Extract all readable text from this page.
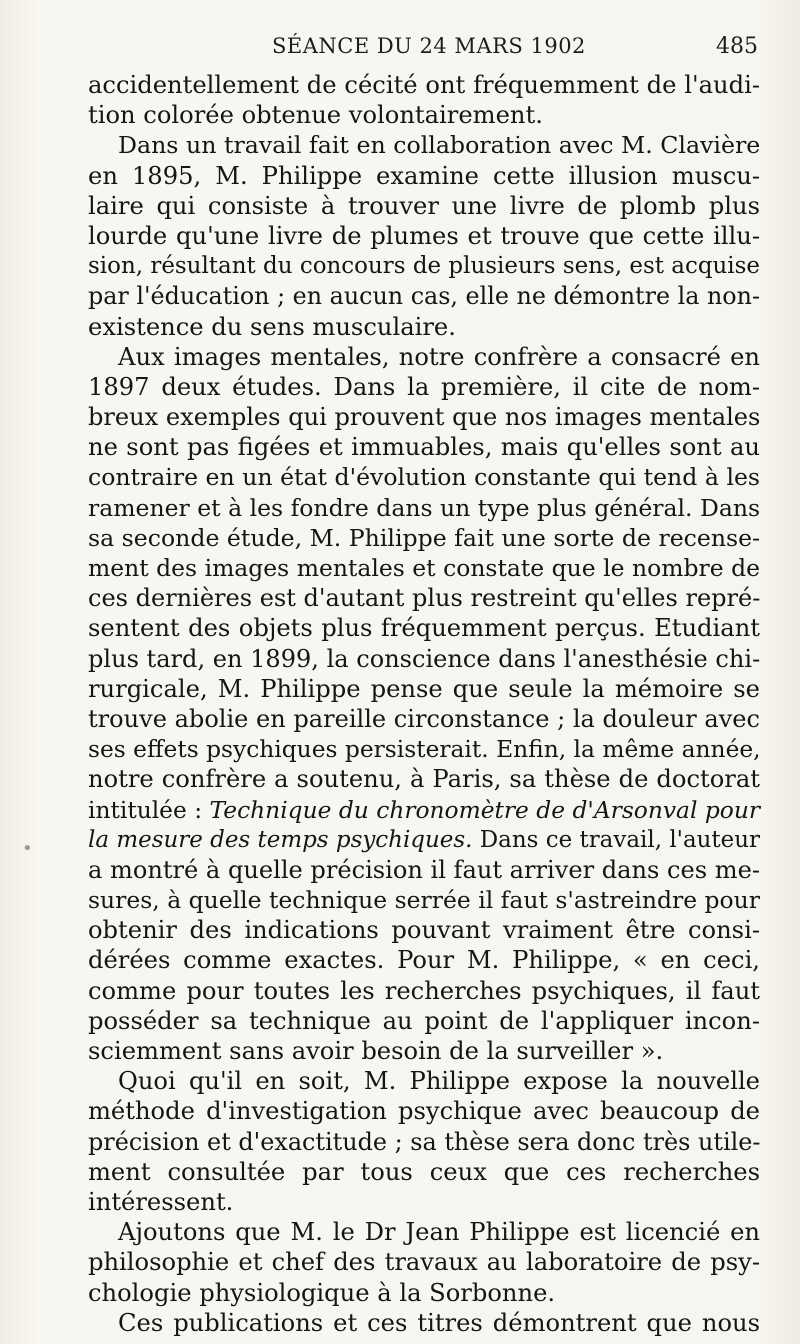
SÉANCE DU 24 MARS 1902	485
accidentellement de cécité ont fréquemment de l'audi-
tion colorée obtenue volontairement.
Dans un travail fait en collaboration avec M. Clavière
en 1895, M. Philippe examine cette illusion muscu-
laire qui consiste à trouver une livre de plomb plus
lourde qu'une livre de plumes et trouve que cette illu-
sion, résultant du concours de plusieurs sens, est acquise
par l'éducation ; en aucun cas, elle ne démontre la non-
existence du sens musculaire.
Aux images mentales, notre confrère a consacré en
1897 deux études. Dans la première, il cite de nom-
breux exemples qui prouvent que nos images mentales
ne sont pas figées et immuables, mais qu'elles sont au
contraire en un état d'évolution constante qui tend à les
ramener et à les fondre dans un type plus général. Dans
sa seconde étude, M. Philippe fait une sorte de recense-
ment des images mentales et constate que le nombre de
ces dernières est d'autant plus restreint qu'elles repré-
sentent des objets plus fréquemment perçus. Etudiant
plus tard, en 1899, la conscience dans l'anesthésie chi-
rurgicale, M. Philippe pense que seule la mémoire se
trouve abolie en pareille circonstance ; la douleur avec
ses effets psychiques persisterait. Enfin, la même année,
notre confrère a soutenu, à Paris, sa thèse de doctorat
intitulée : Technique du chronomètre de d'Arsonval pour
la mesure des temps psychiques. Dans ce travail, l'auteur
a montré à quelle précision il faut arriver dans ces me-
sures, à quelle technique serrée il faut s'astreindre pour
obtenir des indications pouvant vraiment être consi-
dérées comme exactes. Pour M. Philippe, « en ceci,
comme pour toutes les recherches psychiques, il faut
posséder sa technique au point de l'appliquer incon-
sciemment sans avoir besoin de la surveiller ».
Quoi qu'il en soit, M. Philippe expose la nouvelle
méthode d'investigation psychique avec beaucoup de
précision et d'exactitude ; sa thèse sera donc très utile-
ment consultée par tous ceux que ces recherches
intéressent.
Ajoutons que M. le Dr Jean Philippe est licencié en
philosophie et chef des travaux au laboratoire de psy-
chologie physiologique à la Sorbonne.
Ces publications et ces titres démontrent que nous
•
